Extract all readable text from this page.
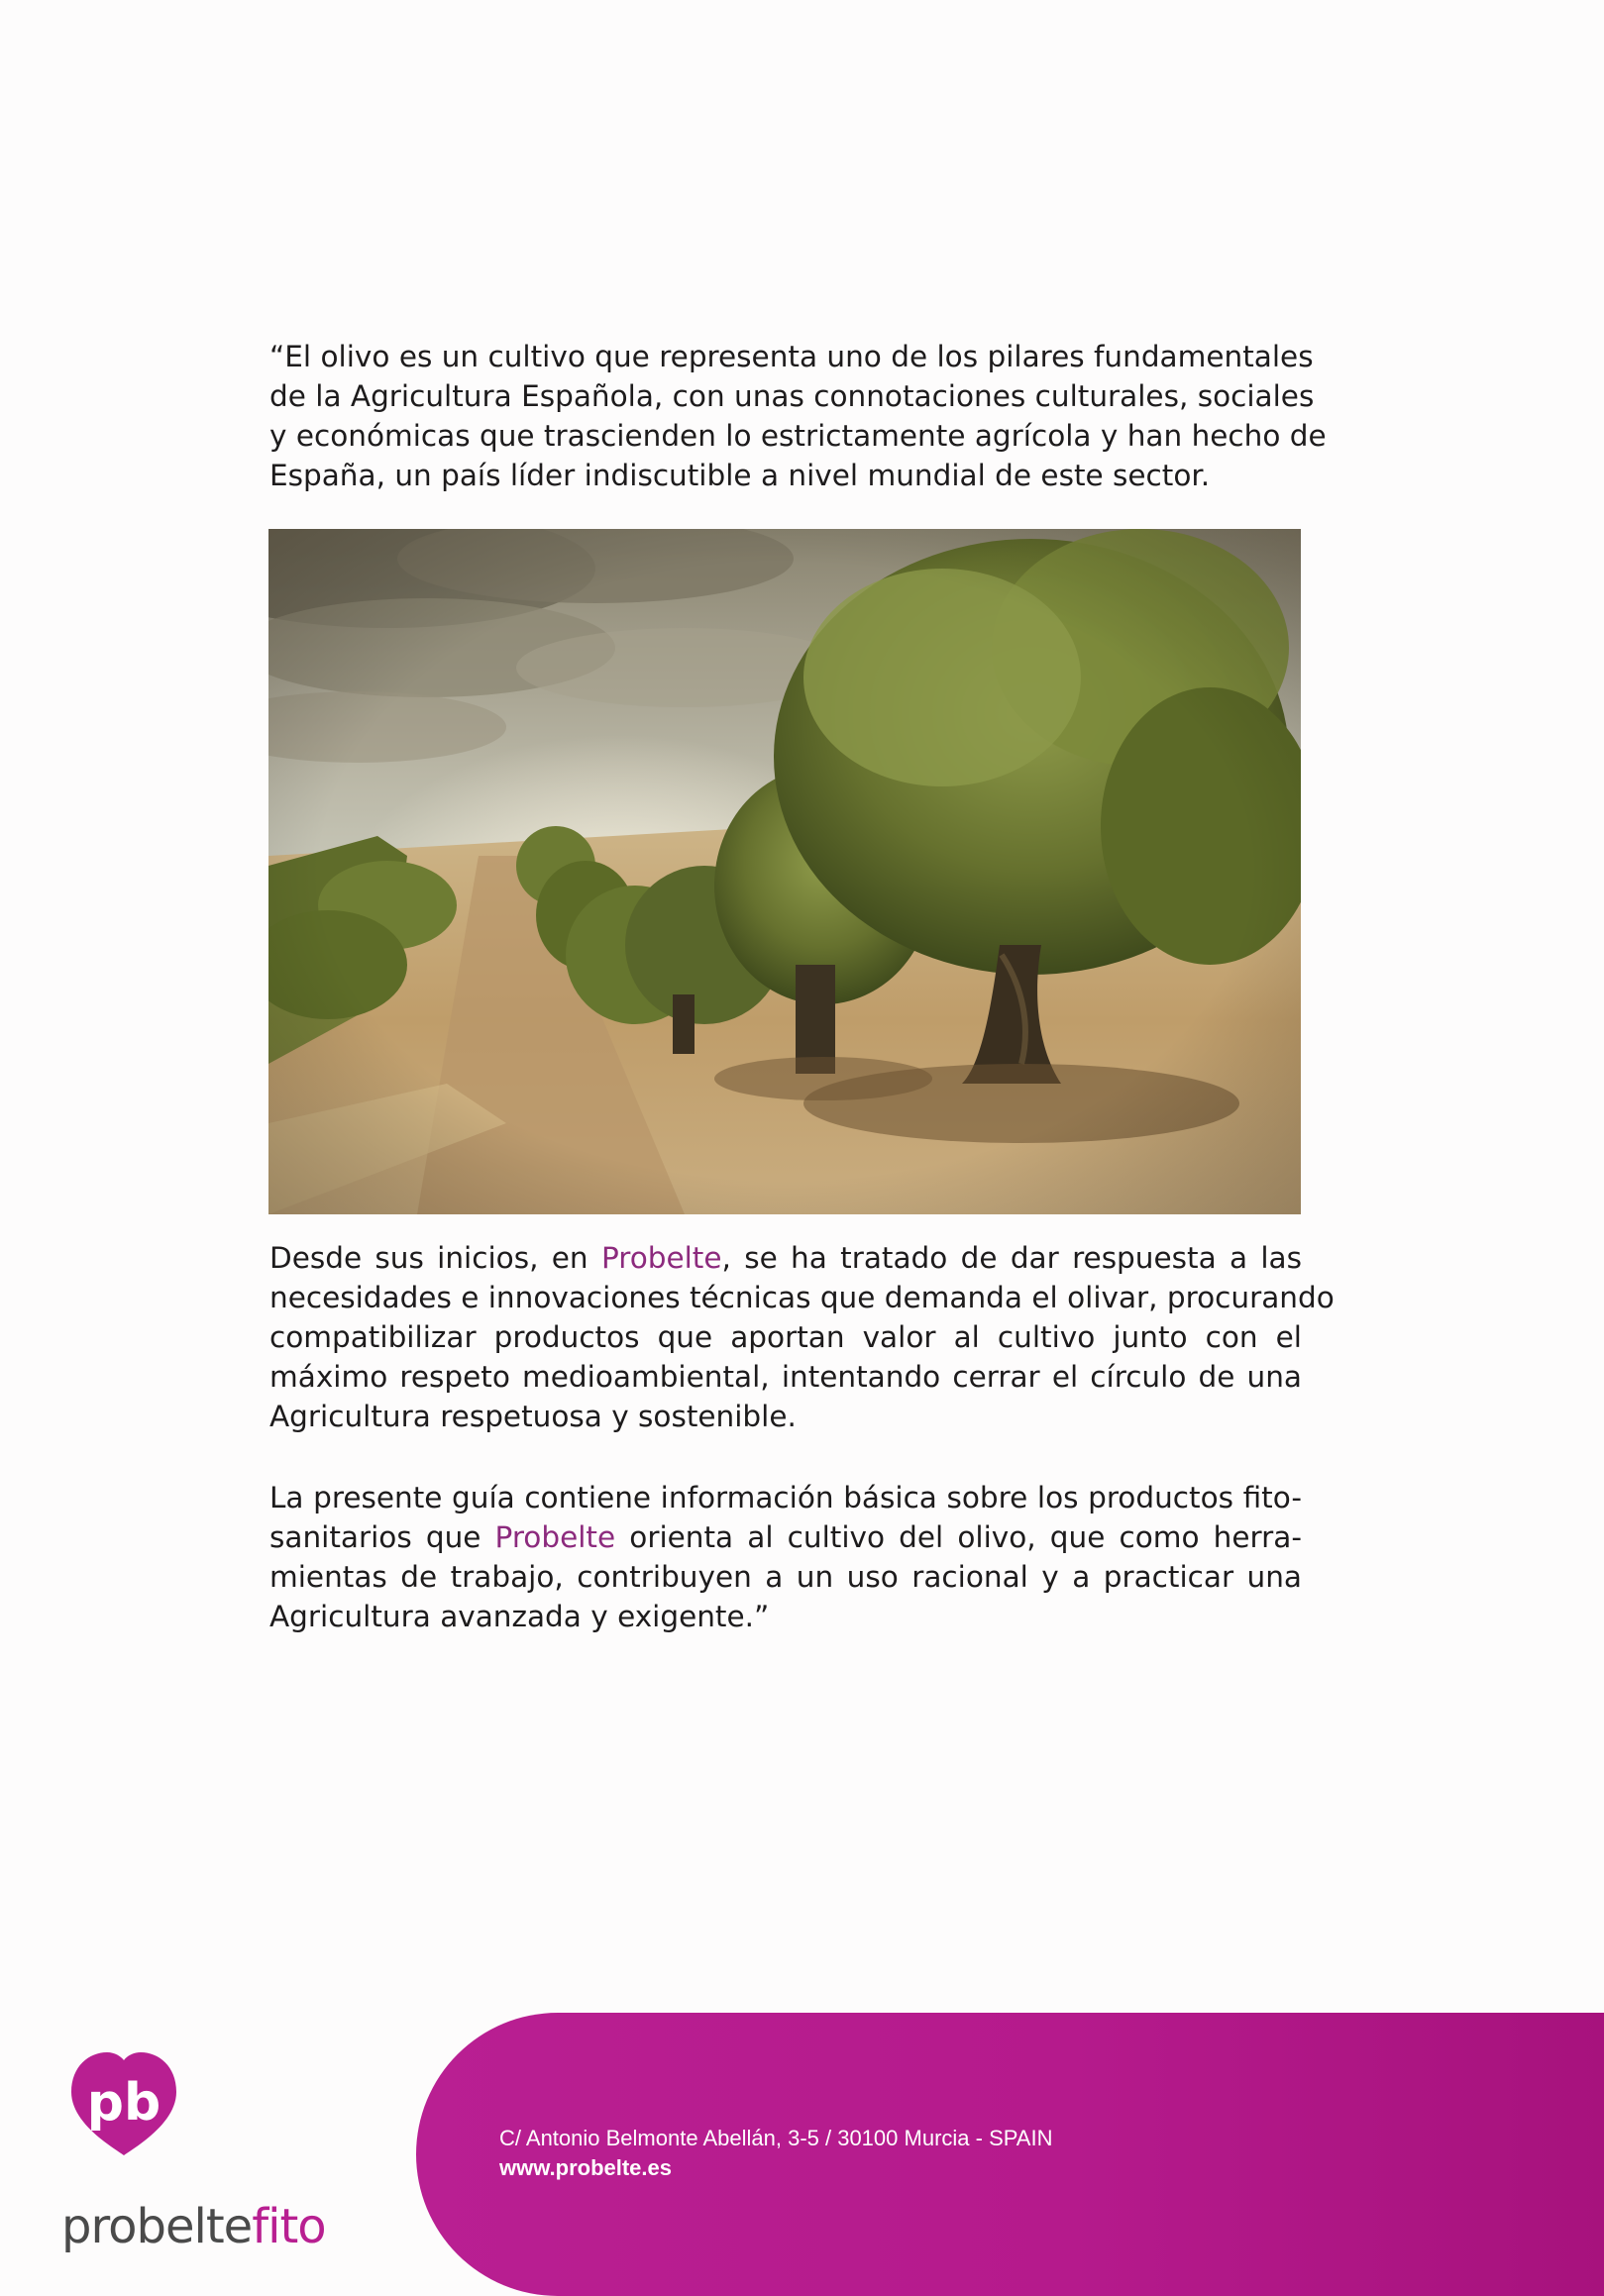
“El olivo es un cultivo que representa uno de los pilares fundamentales
de la Agricultura Española, con unas connotaciones culturales, sociales
y económicas que trascienden lo estrictamente agrícola y han hecho de
España, un país líder indiscutible a nivel mundial de este sector.

Desde sus inicios, en Probelte, se ha tratado de dar respuesta a las
necesidades e innovaciones técnicas que demanda el olivar, procurando
compatibilizar productos que aportan valor al cultivo junto con el
máximo respeto medioambiental, intentando cerrar el círculo de una
Agricultura respetuosa y sostenible.

La presente guía contiene información básica sobre los productos fito-
sanitarios que Probelte orienta al cultivo del olivo, que como herra-
mientas de trabajo, contribuyen a un uso racional y a practicar una
Agricultura avanzada y exigente.”

C/ Antonio Belmonte Abellán, 3-5 / 30100 Murcia - SPAIN
www.probelte.es
pb
probeltefito
